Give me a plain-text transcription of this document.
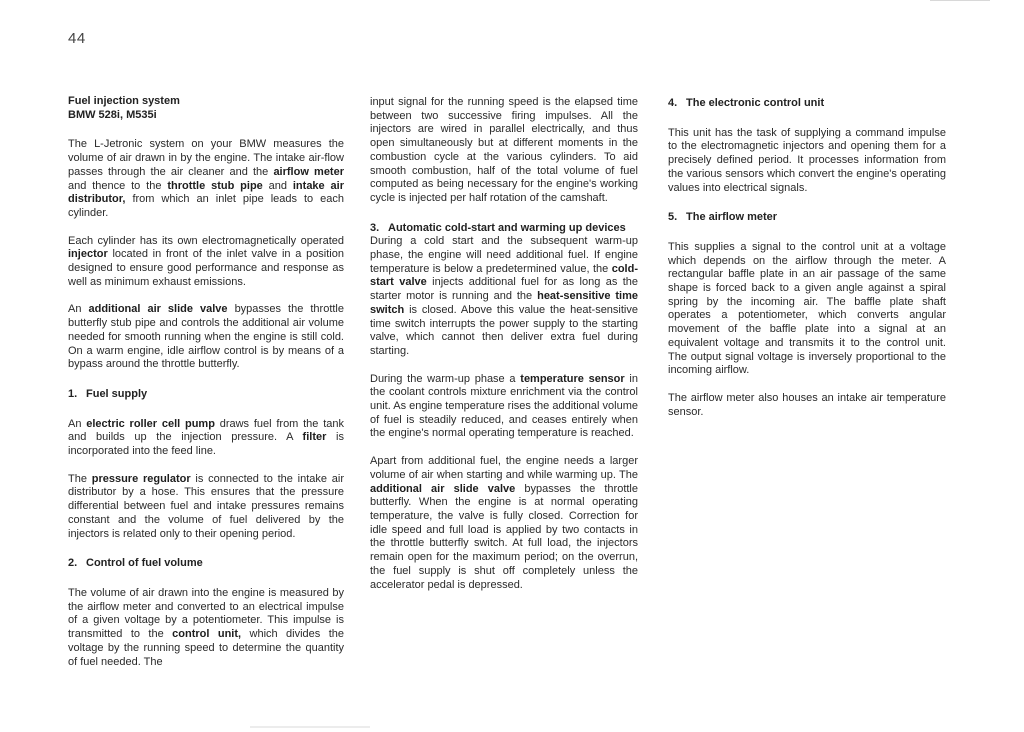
44
Fuel injection system
BMW 528i, M535i

The L-Jetronic system on your BMW measures the volume of air drawn in by the engine. The intake air-flow passes through the air cleaner and the airflow meter and thence to the throttle stub pipe and intake air distributor, from which an inlet pipe leads to each cylinder.

Each cylinder has its own electromagnetically operated injector located in front of the inlet valve in a position designed to ensure good performance and response as well as minimum exhaust emissions.

An additional air slide valve bypasses the throttle butterfly stub pipe and controls the additional air volume needed for smooth running when the engine is still cold. On a warm engine, idle airflow control is by means of a bypass around the throttle butterfly.

1. Fuel supply

An electric roller cell pump draws fuel from the tank and builds up the injection pressure. A filter is incorporated into the feed line.

The pressure regulator is connected to the intake air distributor by a hose. This ensures that the pressure differential between fuel and intake pressures remains constant and the volume of fuel delivered by the injectors is related only to their opening period.

2. Control of fuel volume

The volume of air drawn into the engine is measured by the airflow meter and converted to an electrical impulse of a given voltage by a potentiometer. This impulse is transmitted to the control unit, which divides the voltage by the running speed to determine the quantity of fuel needed. The

input signal for the running speed is the elapsed time between two successive firing impulses. All the injectors are wired in parallel electrically, and thus open simultaneously but at different moments in the combustion cycle at the various cylinders. To aid smooth combustion, half of the total volume of fuel computed as being necessary for the engine's working cycle is injected per half rotation of the camshaft.

3. Automatic cold-start and warming up devices

During a cold start and the subsequent warm-up phase, the engine will need additional fuel. If engine temperature is below a predetermined value, the cold-start valve injects additional fuel for as long as the starter motor is running and the heat-sensitive time switch is closed. Above this value the heat-sensitive time switch interrupts the power supply to the starting valve, which cannot then deliver extra fuel during starting.

During the warm-up phase a temperature sensor in the coolant controls mixture enrichment via the control unit. As engine temperature rises the additional volume of fuel is steadily reduced, and ceases entirely when the engine's normal operating temperature is reached.

Apart from additional fuel, the engine needs a larger volume of air when starting and while warming up. The additional air slide valve bypasses the throttle butterfly. When the engine is at normal operating temperature, the valve is fully closed. Correction for idle speed and full load is applied by two contacts in the throttle butterfly switch. At full load, the injectors remain open for the maximum period; on the overrun, the fuel supply is shut off completely unless the accelerator pedal is depressed.

4. The electronic control unit

This unit has the task of supplying a command impulse to the electromagnetic injectors and opening them for a precisely defined period. It processes information from the various sensors which convert the engine's operating values into electrical signals.

5. The airflow meter

This supplies a signal to the control unit at a voltage which depends on the airflow through the meter. A rectangular baffle plate in an air passage of the same shape is forced back to a given angle against a spiral spring by the incoming air. The baffle plate shaft operates a potentiometer, which converts angular movement of the baffle plate into a signal at an equivalent voltage and transmits it to the control unit. The output signal voltage is inversely proportional to the incoming airflow.

The airflow meter also houses an intake air temperature sensor.
